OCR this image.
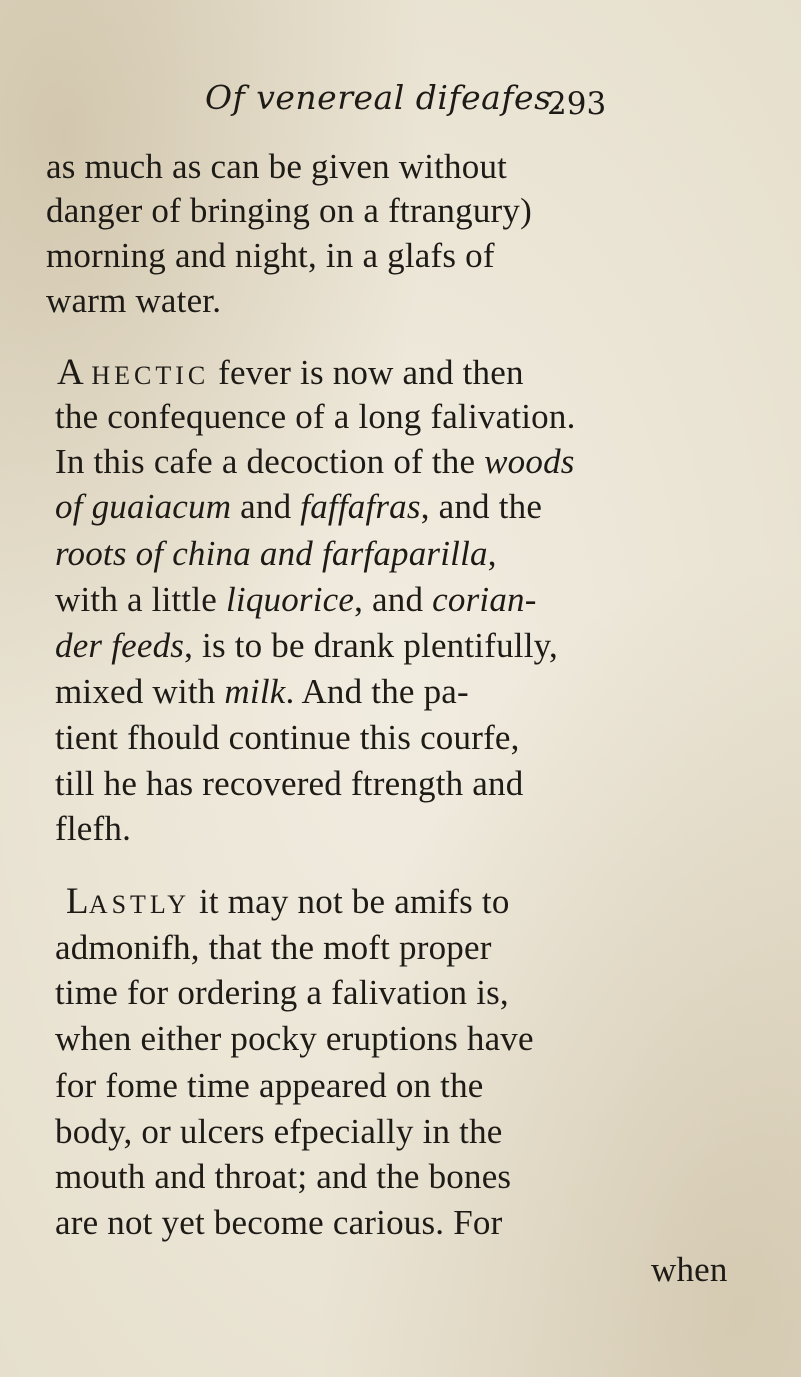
Of venereal difeafes.
293
as much as can be given without
danger of bringing on a ftrangury)
morning and night, in a glafs of
warm water.
A HECTIC fever is now and then
the confequence of a long falivation.
In this cafe a decoction of the woods
of guaiacum and faffafras, and the
roots of china and farfaparilla,
with a little liquorice, and corian-
der feeds, is to be drank plentifully,
mixed with milk. And the pa-
tient fhould continue this courfe,
till he has recovered ftrength and
flefh.
LASTLY it may not be amifs to
admonifh, that the moft proper
time for ordering a falivation is,
when either pocky eruptions have
for fome time appeared on the
body, or ulcers efpecially in the
mouth and throat; and the bones
are not yet become carious. For
when
